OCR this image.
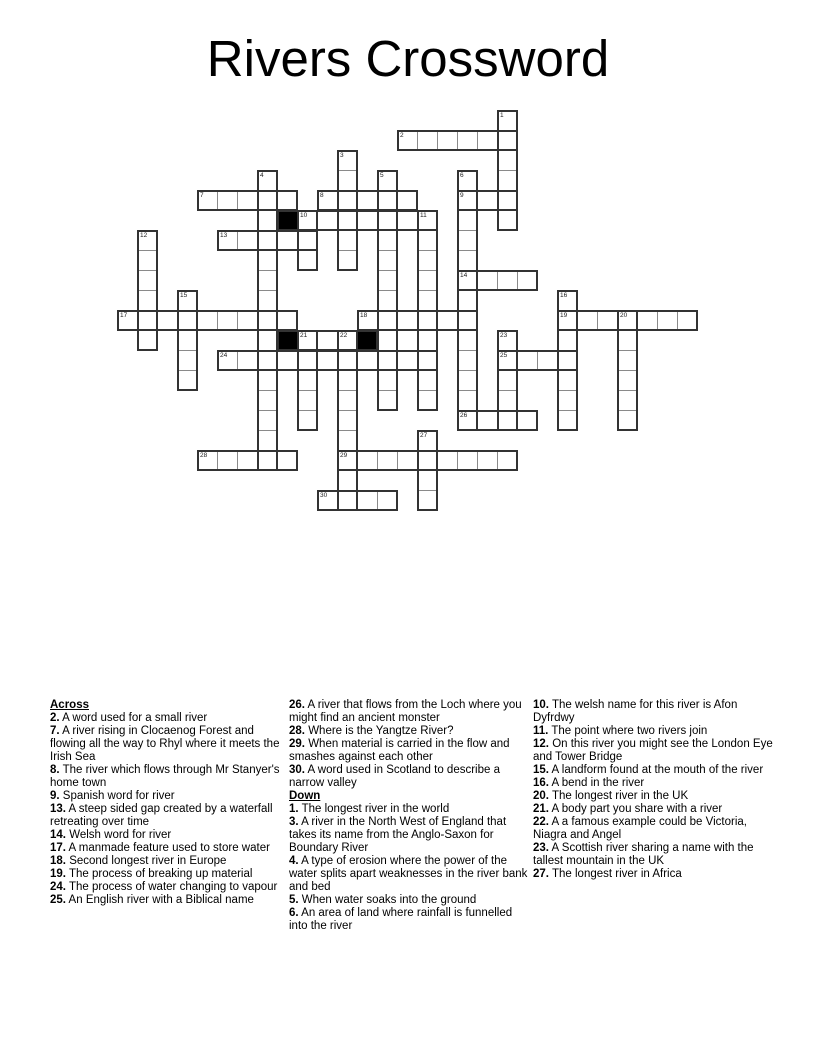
Rivers Crossword
2
7	8	9
13
14
17	18	19	20
24	25
26
28	29
30
1
3
4	5	6
10	11
12
15	16
21	22	23
27
Across
2. A word used for a small river
7. A river rising in Clocaenog Forest and flowing all the way to Rhyl where it meets the Irish Sea
8. The river which flows through Mr Stanyer's home town
9. Spanish word for river
13. A steep sided gap created by a waterfall retreating over time
14. Welsh word for river
17. A manmade feature used to store water
18. Second longest river in Europe
19. The process of breaking up material
24. The process of water changing to vapour
25. An English river with a Biblical name
26. A river that flows from the Loch where you might find an ancient monster
28. Where is the Yangtze River?
29. When material is carried in the flow and smashes against each other
30. A word used in Scotland to describe a narrow valley
Down
1. The longest river in the world
3. A river in the North West of England that takes its name from the Anglo-Saxon for Boundary River
4. A type of erosion where the power of the water splits apart weaknesses in the river bank and bed
5. When water soaks into the ground
6. An area of land where rainfall is funnelled into the river
10. The welsh name for this river is Afon Dyfrdwy
11. The point where two rivers join
12. On this river you might see the London Eye and Tower Bridge
15. A landform found at the mouth of the river
16. A bend in the river
20. The longest river in the UK
21. A body part you share with a river
22. A a famous example could be Victoria, Niagra and Angel
23. A Scottish river sharing a name with the tallest mountain in the UK
27. The longest river in Africa
